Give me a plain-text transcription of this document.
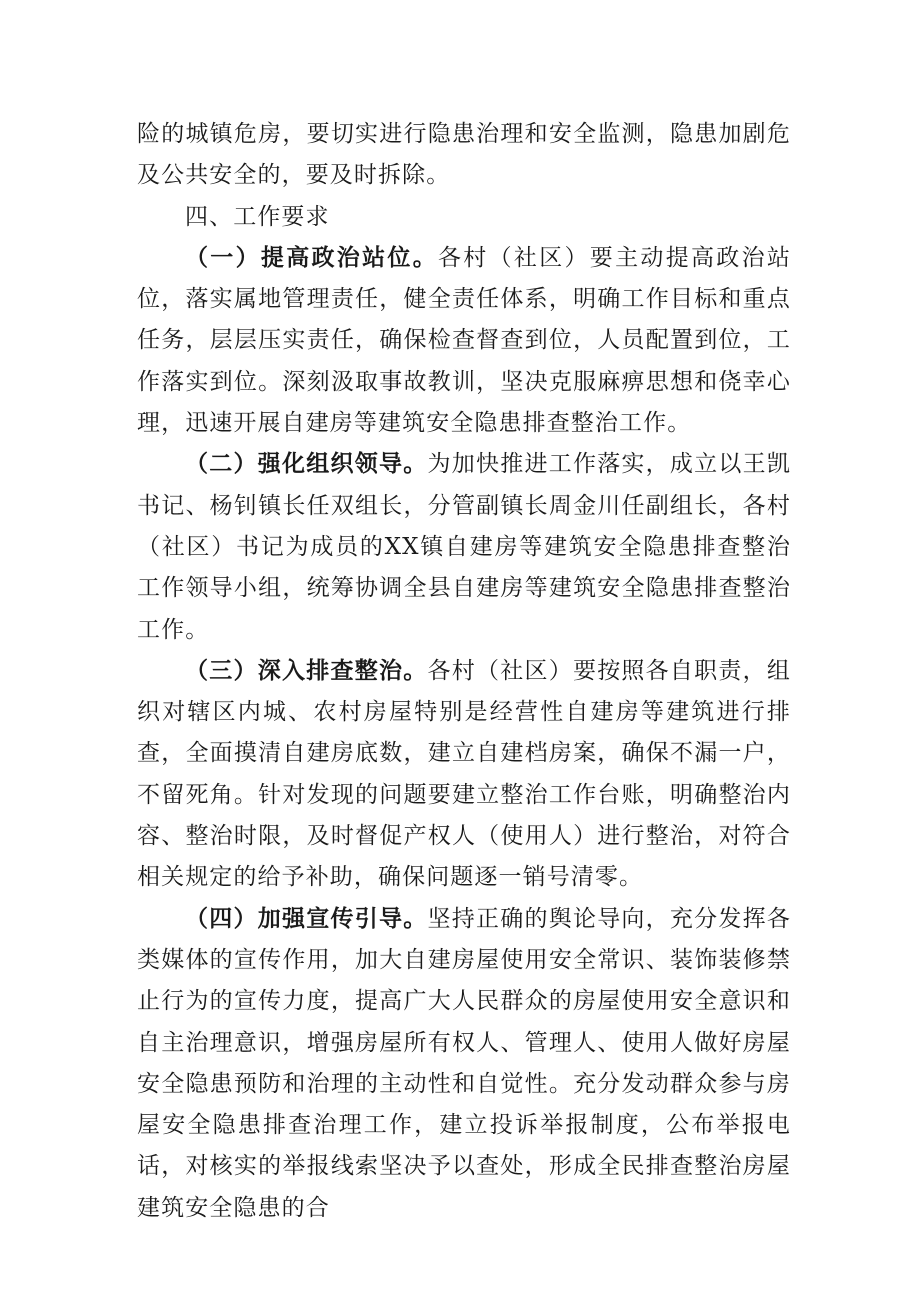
险的城镇危房，要切实进行隐患治理和安全监测，隐患加剧危及公共安全的，要及时拆除。

四、工作要求

（一）提高政治站位。各村（社区）要主动提高政治站位，落实属地管理责任，健全责任体系，明确工作目标和重点任务，层层压实责任，确保检查督查到位，人员配置到位，工作落实到位。深刻汲取事故教训，坚决克服麻痹思想和侥幸心理，迅速开展自建房等建筑安全隐患排查整治工作。

（二）强化组织领导。为加快推进工作落实，成立以王凯书记、杨钊镇长任双组长，分管副镇长周金川任副组长，各村（社区）书记为成员的XX镇自建房等建筑安全隐患排查整治工作领导小组，统筹协调全县自建房等建筑安全隐患排查整治工作。

（三）深入排查整治。各村（社区）要按照各自职责，组织对辖区内城、农村房屋特别是经营性自建房等建筑进行排查，全面摸清自建房底数，建立自建档房案，确保不漏一户，不留死角。针对发现的问题要建立整治工作台账，明确整治内容、整治时限，及时督促产权人（使用人）进行整治，对符合相关规定的给予补助，确保问题逐一销号清零。

（四）加强宣传引导。坚持正确的舆论导向，充分发挥各类媒体的宣传作用，加大自建房屋使用安全常识、装饰装修禁止行为的宣传力度，提高广大人民群众的房屋使用安全意识和自主治理意识，增强房屋所有权人、管理人、使用人做好房屋安全隐患预防和治理的主动性和自觉性。充分发动群众参与房屋安全隐患排查治理工作，建立投诉举报制度，公布举报电话，对核实的举报线索坚决予以查处，形成全民排查整治房屋建筑安全隐患的合
